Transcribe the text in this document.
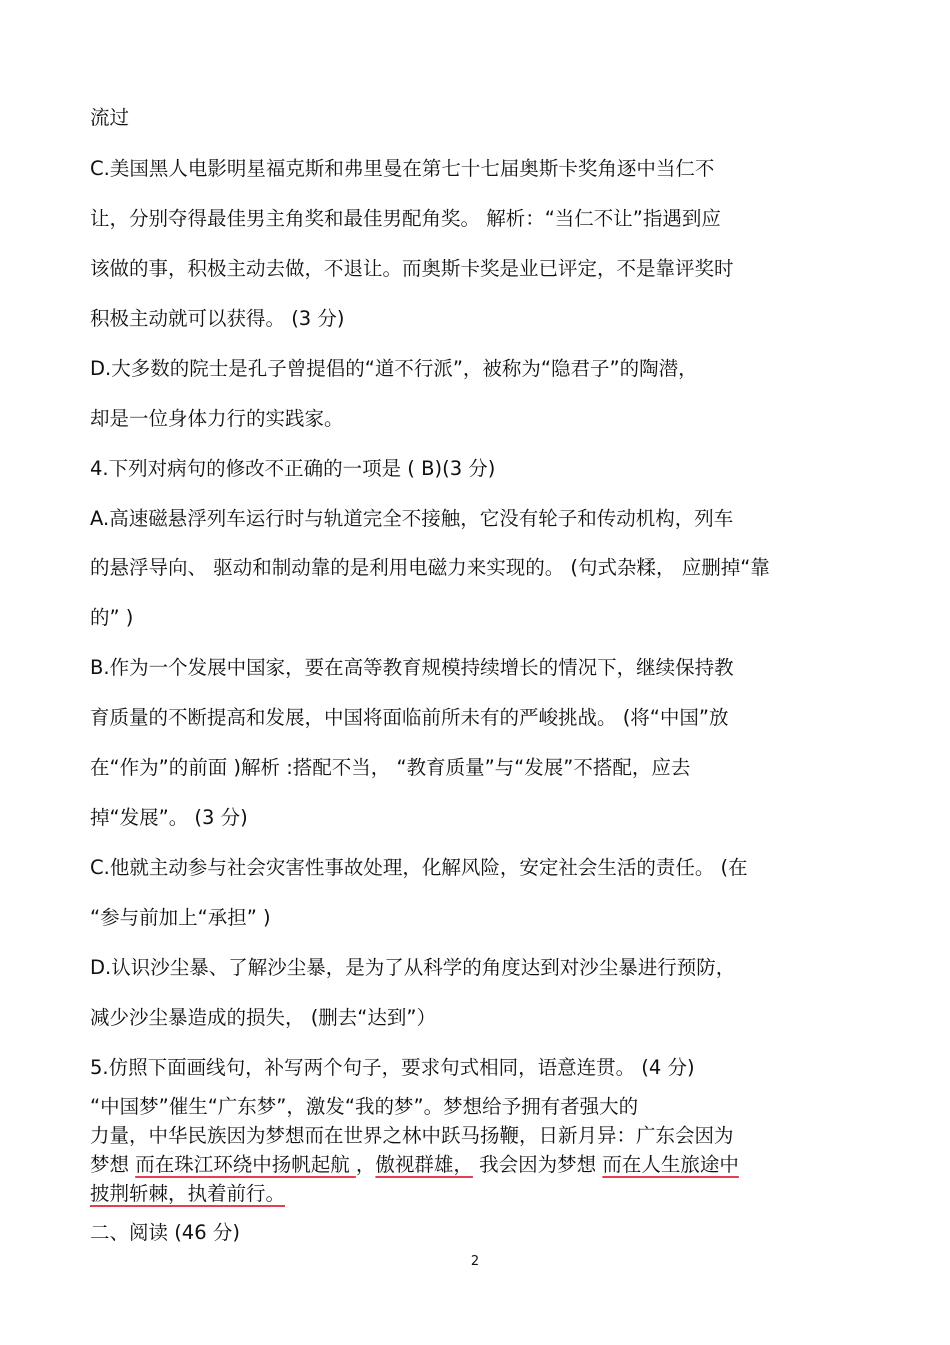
流过
C.美国黑人电影明星福克斯和弗里曼在第七十七届奥斯卡奖角逐中当仁不
让，分别夺得最佳男主角奖和最佳男配角奖。 解析：“当仁不让”指遇到应
该做的事，积极主动去做，不退让。而奥斯卡奖是业已评定，不是靠评奖时
积极主动就可以获得。 (3 分)
D.大多数的院士是孔子曾提倡的“道不行派”，被称为“隐君子”的陶潜，
却是一位身体力行的实践家。
4.下列对病句的修改不正确的一项是 ( B)(3 分)
A.高速磁悬浮列车运行时与轨道完全不接触，它没有轮子和传动机构，列车
的悬浮导向、 驱动和制动靠的是利用电磁力来实现的。 (句式杂糅， 应删掉“靠
的” )
B.作为一个发展中国家，要在高等教育规模持续增长的情况下，继续保持教
育质量的不断提高和发展，中国将面临前所未有的严峻挑战。 (将“中国”放
在“作为”的前面 )解析 :搭配不当， “教育质量”与“发展”不搭配，应去
掉“发展”。 (3 分)
C.他就主动参与社会灾害性事故处理，化解风险，安定社会生活的责任。 (在
“参与前加上“承担” )
D.认识沙尘暴、了解沙尘暴，是为了从科学的角度达到对沙尘暴进行预防，
减少沙尘暴造成的损失， (删去“达到”）
5.仿照下面画线句，补写两个句子，要求句式相同，语意连贯。 (4 分)
“中国梦”催生“广东梦”，激发“我的梦”。梦想给予拥有者强大的
力量，中华民族因为梦想而在世界之林中跃马扬鞭，日新月异：广东会因为
梦想 而在珠江环绕中扬帆起航 ，傲视群雄， 我会因为梦想 而在人生旅途中
披荆斩棘，执着前行。
二、阅读 (46 分)
2
